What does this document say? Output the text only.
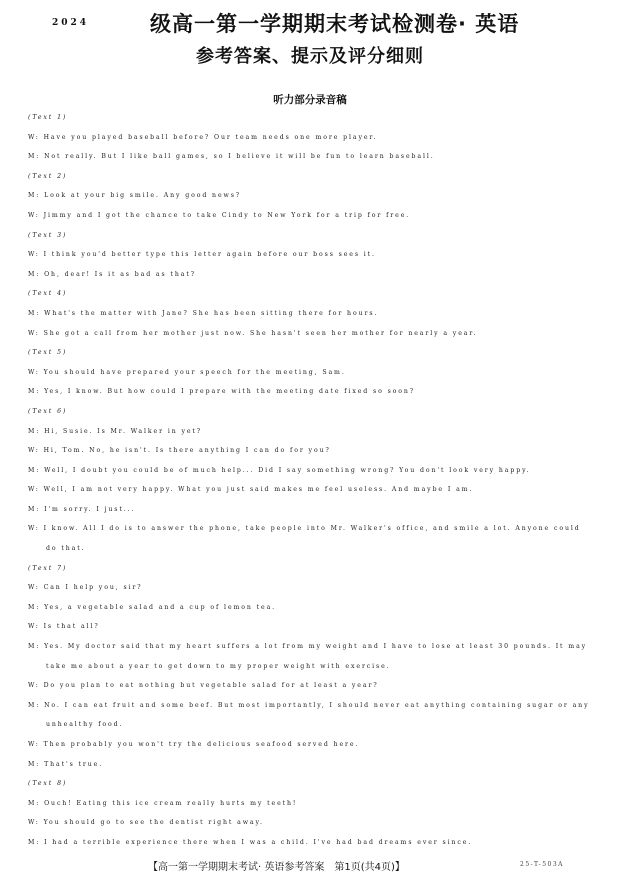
2024	级高一第一学期期末考试检测卷· 英语
参考答案、提示及评分细则
听力部分录音稿
(Text 1)
W: Have you played baseball before? Our team needs one more player.
M: Not really. But I like ball games, so I believe it will be fun to learn baseball.
(Text 2)
M: Look at your big smile. Any good news?
W: Jimmy and I got the chance to take Cindy to New York for a trip for free.
(Text 3)
W: I think you'd better type this letter again before our boss sees it.
M: Oh, dear! Is it as bad as that?
(Text 4)
M: What's the matter with Jane? She has been sitting there for hours.
W: She got a call from her mother just now. She hasn't seen her mother for nearly a year.
(Text 5)
W: You should have prepared your speech for the meeting, Sam.
M: Yes, I know. But how could I prepare with the meeting date fixed so soon?
(Text 6)
M: Hi, Susie. Is Mr. Walker in yet?
W: Hi, Tom. No, he isn't. Is there anything I can do for you?
M: Well, I doubt you could be of much help... Did I say something wrong? You don't look very happy.
W: Well, I am not very happy. What you just said makes me feel useless. And maybe I am.
M: I'm sorry. I just...
W: I know. All I do is to answer the phone, take people into Mr. Walker's office, and smile a lot. Anyone could
do that.
(Text 7)
W: Can I help you, sir?
M: Yes, a vegetable salad and a cup of lemon tea.
W: Is that all?
M: Yes. My doctor said that my heart suffers a lot from my weight and I have to lose at least 30 pounds. It may
take me about a year to get down to my proper weight with exercise.
W: Do you plan to eat nothing but vegetable salad for at least a year?
M: No. I can eat fruit and some beef. But most importantly, I should never eat anything containing sugar or any
unhealthy food.
W: Then probably you won't try the delicious seafood served here.
M: That's true.
(Text 8)
M: Ouch! Eating this ice cream really hurts my teeth!
W: You should go to see the dentist right away.
M: I had a terrible experience there when I was a child. I've had bad dreams ever since.
【高一第一学期期末考试· 英语参考答案　第1页(共4页)】	25-T-503A
